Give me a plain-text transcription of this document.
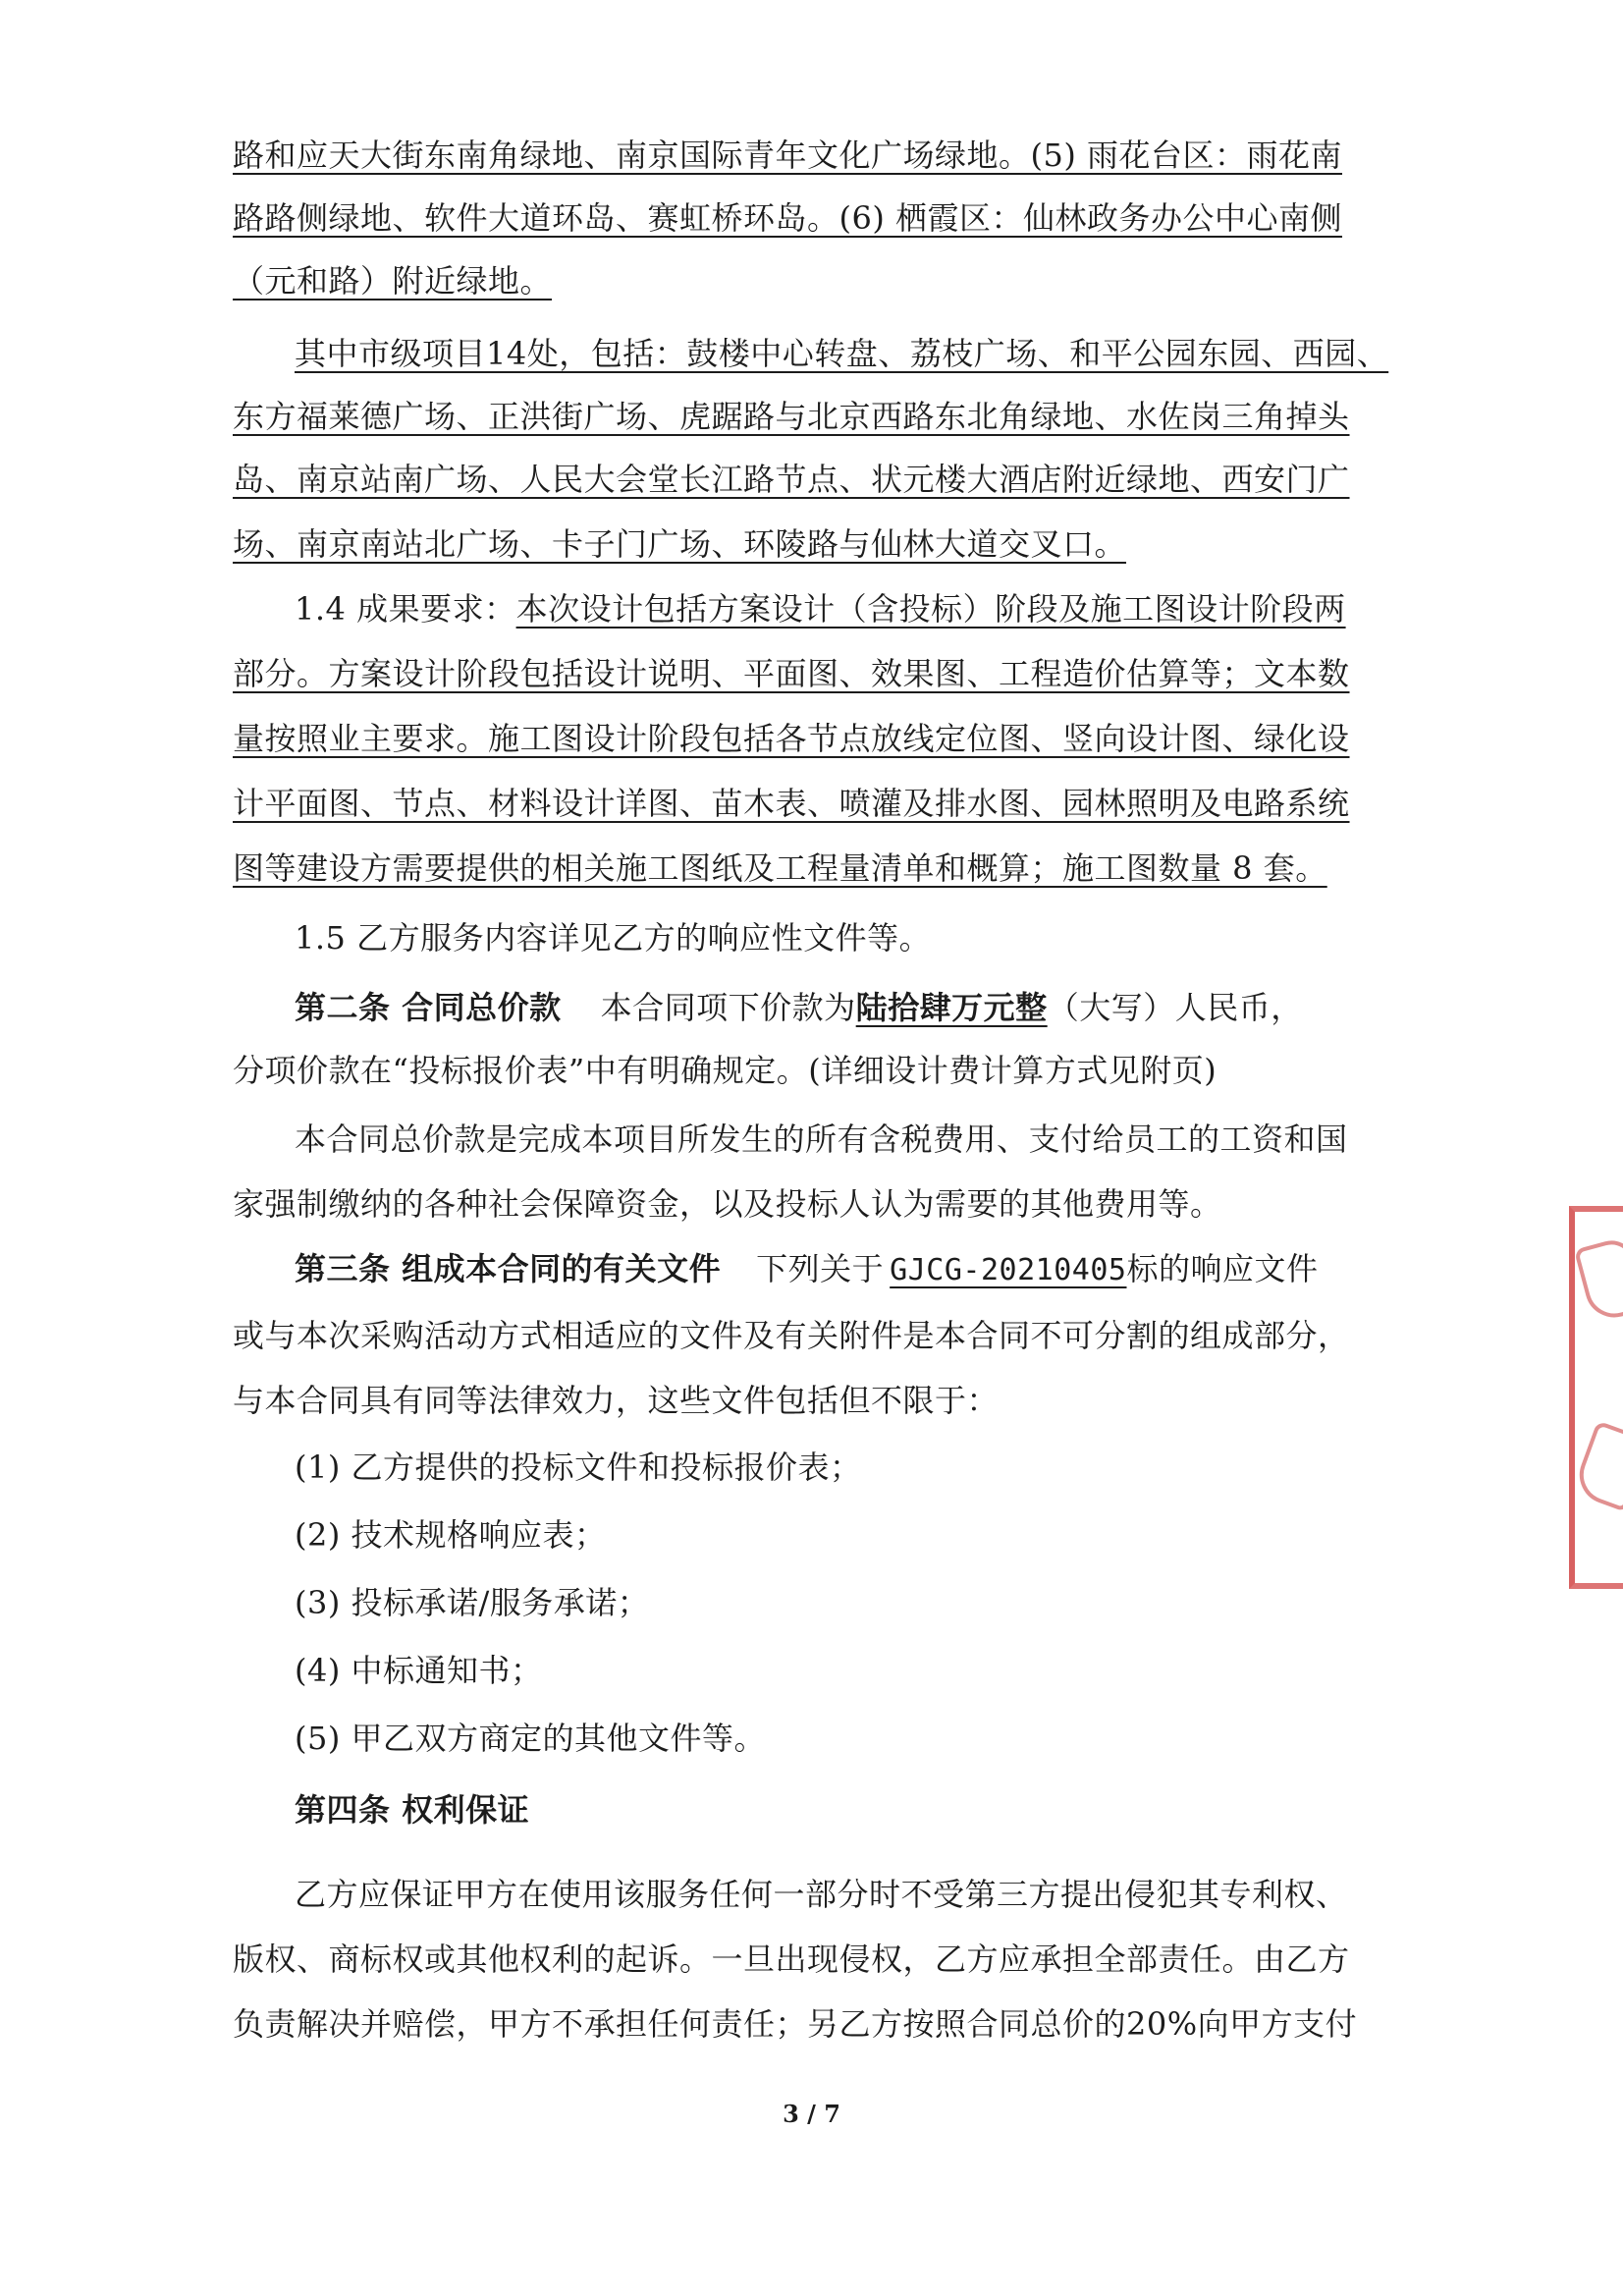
路和应天大街东南角绿地、南京国际青年文化广场绿地。(5) 雨花台区：雨花南
路路侧绿地、软件大道环岛、赛虹桥环岛。(6) 栖霞区：仙林政务办公中心南侧
（元和路）附近绿地。
其中市级项目14处，包括：鼓楼中心转盘、荔枝广场、和平公园东园、西园、
东方福莱德广场、正洪街广场、虎踞路与北京西路东北角绿地、水佐岗三角掉头
岛、南京站南广场、人民大会堂长江路节点、状元楼大酒店附近绿地、西安门广
场、南京南站北广场、卡子门广场、环陵路与仙林大道交叉口。
1.4 成果要求：本次设计包括方案设计（含投标）阶段及施工图设计阶段两
部分。方案设计阶段包括设计说明、平面图、效果图、工程造价估算等；文本数
量按照业主要求。施工图设计阶段包括各节点放线定位图、竖向设计图、绿化设
计平面图、节点、材料设计详图、苗木表、喷灌及排水图、园林照明及电路系统
图等建设方需要提供的相关施工图纸及工程量清单和概算；施工图数量 8 套。
1.5 乙方服务内容详见乙方的响应性文件等。
第二条 合同总价款 本合同项下价款为陆拾肆万元整（大写）人民币，
分项价款在“投标报价表”中有明确规定。(详细设计费计算方式见附页)
本合同总价款是完成本项目所发生的所有含税费用、支付给员工的工资和国
家强制缴纳的各种社会保障资金，以及投标人认为需要的其他费用等。
第三条 组成本合同的有关文件 下列关于 GJCG-20210405标的响应文件
或与本次采购活动方式相适应的文件及有关附件是本合同不可分割的组成部分，
与本合同具有同等法律效力，这些文件包括但不限于：
(1) 乙方提供的投标文件和投标报价表；
(2) 技术规格响应表；
(3) 投标承诺/服务承诺；
(4) 中标通知书；
(5) 甲乙双方商定的其他文件等。
第四条 权利保证
乙方应保证甲方在使用该服务任何一部分时不受第三方提出侵犯其专利权、
版权、商标权或其他权利的起诉。一旦出现侵权，乙方应承担全部责任。由乙方
负责解决并赔偿，甲方不承担任何责任；另乙方按照合同总价的20%向甲方支付
3 / 7
